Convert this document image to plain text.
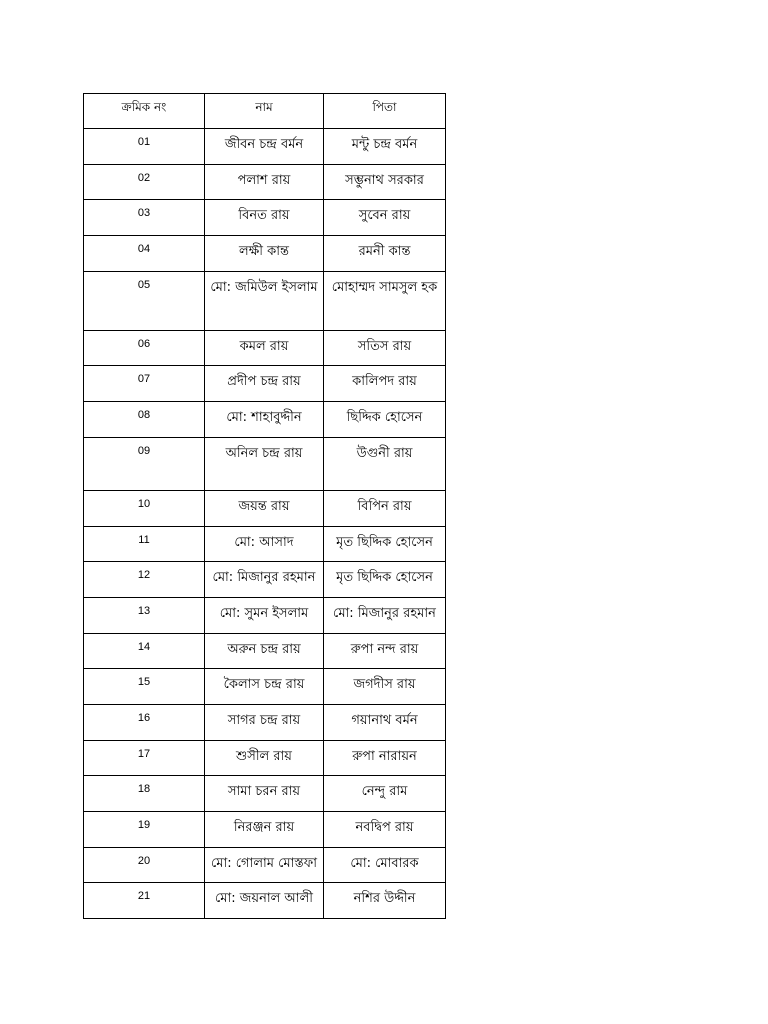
ক্রমিক নং	নাম	পিতা
01	জীবন চন্দ্র বর্মন	মন্টু চন্দ্র বর্মন
02	পলাশ রায়	সম্ভুনাথ সরকার
03	বিনত রায়	সুবেন রায়
04	লক্ষী কান্ত	রমনী কান্ত
05	মো: জমিউল ইসলাম	মোহাম্মদ সামসুল হক
06	কমল রায়	সতিস রায়
07	প্রদীপ চন্দ্র রায়	কালিপদ রায়
08	মো: শাহাবুদ্দীন	ছিদ্দিক হোসেন
09	অনিল চন্দ্র রায়	উগুনী রায়
10	জয়ন্ত রায়	বিপিন রায়
11	মো: আসাদ	মৃত ছিদ্দিক হোসেন
12	মো: মিজানুর রহমান	মৃত ছিদ্দিক হোসেন
13	মো: সুমন ইসলাম	মো: মিজানুর রহমান
14	অরুন চন্দ্র রায়	রুপা নন্দ রায়
15	কৈলাস চন্দ্র রায়	জগদীস রায়
16	সাগর চন্দ্র রায়	গয়ানাথ বর্মন
17	শুসীল রায়	রুপা নারায়ন
18	সামা চরন রায়	নেন্দু রাম
19	নিরঞ্জন রায়	নবদ্বিপ রায়
20	মো: গোলাম মোস্তফা	মো: মোবারক
21	মো: জয়নাল আলী	নশির উদ্দীন
